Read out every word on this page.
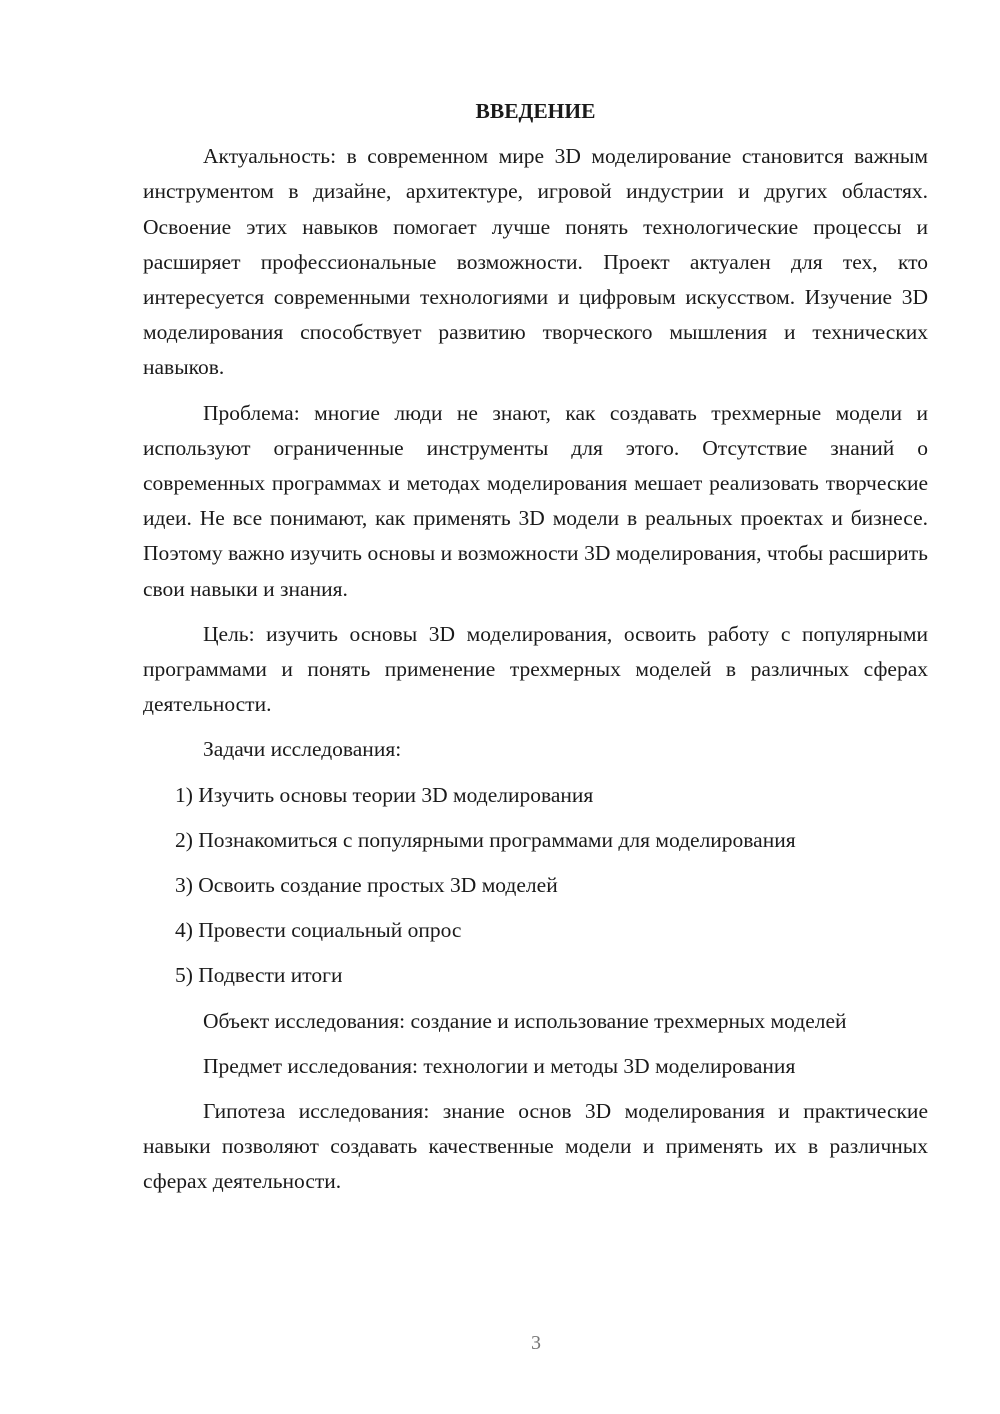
ВВЕДЕНИЕ

Актуальность: в современном мире 3D моделирование становится важным инструментом в дизайне, архитектуре, игровой индустрии и других областях. Освоение этих навыков помогает лучше понять технологические процессы и расширяет профессиональные возможности. Проект актуален для тех, кто интересуется современными технологиями и цифровым искусством. Изучение 3D моделирования способствует развитию творческого мышления и технических навыков.

Проблема: многие люди не знают, как создавать трехмерные модели и используют ограниченные инструменты для этого. Отсутствие знаний о современных программах и методах моделирования мешает реализовать творческие идеи. Не все понимают, как применять 3D модели в реальных проектах и бизнесе. Поэтому важно изучить основы и возможности 3D моделирования, чтобы расширить свои навыки и знания.

Цель: изучить основы 3D моделирования, освоить работу с популярными программами и понять применение трехмерных моделей в различных сферах деятельности.

Задачи исследования:
1) Изучить основы теории 3D моделирования
2) Познакомиться с популярными программами для моделирования
3) Освоить создание простых 3D моделей
4) Провести социальный опрос
5) Подвести итоги

Объект исследования: создание и использование трехмерных моделей

Предмет исследования: технологии и методы 3D моделирования

Гипотеза исследования: знание основ 3D моделирования и практические навыки позволяют создавать качественные модели и применять их в различных сферах деятельности.

3
